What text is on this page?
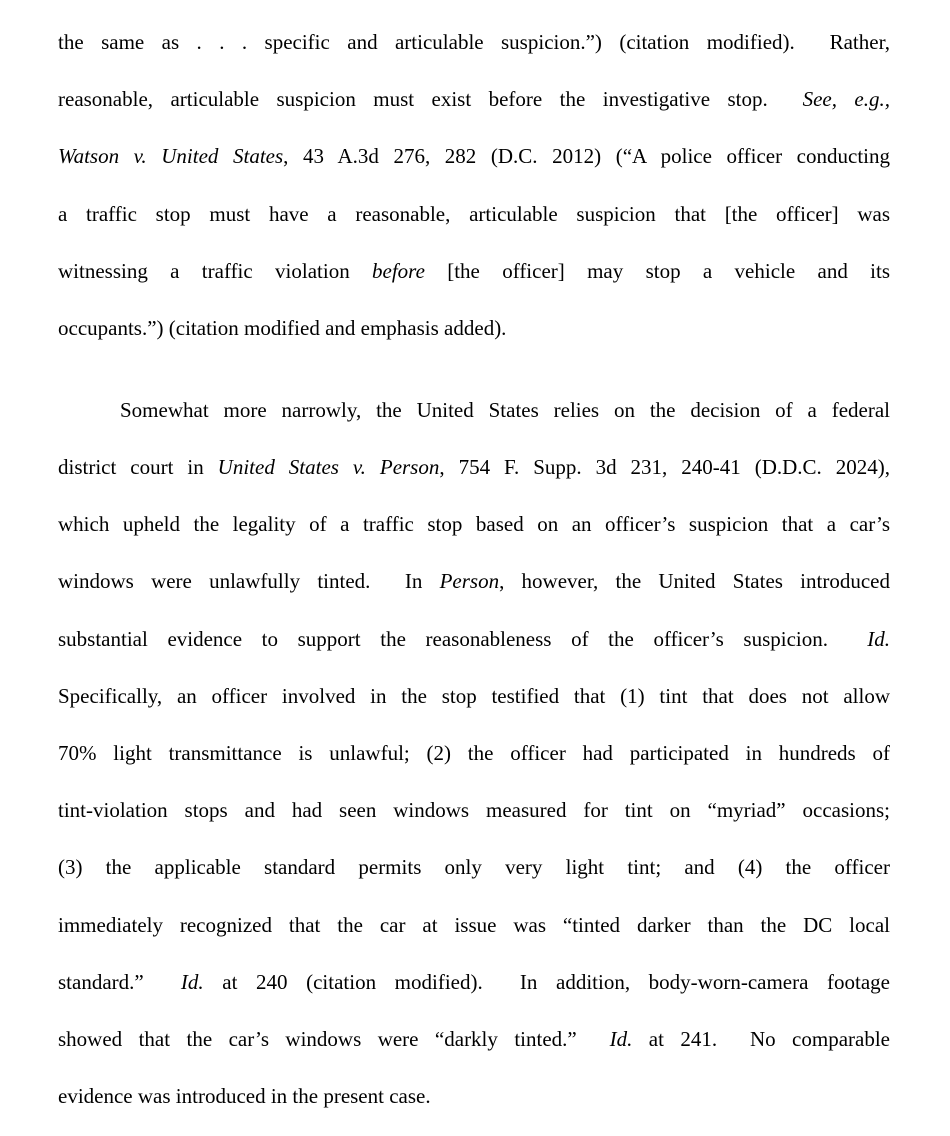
the same as . . . specific and articulable suspicion.”) (citation modified).  Rather,
reasonable, articulable suspicion must exist before the investigative stop.  See, e.g.,
Watson v. United States, 43 A.3d 276, 282 (D.C. 2012) (“A police officer conducting
a traffic stop must have a reasonable, articulable suspicion that [the officer] was
witnessing a traffic violation before [the officer] may stop a vehicle and its
occupants.”) (citation modified and emphasis added).
Somewhat more narrowly, the United States relies on the decision of a federal
district court in United States v. Person, 754 F. Supp. 3d 231, 240-41 (D.D.C. 2024),
which upheld the legality of a traffic stop based on an officer’s suspicion that a car’s
windows were unlawfully tinted.  In Person, however, the United States introduced
substantial evidence to support the reasonableness of the officer’s suspicion.  Id.
Specifically, an officer involved in the stop testified that (1) tint that does not allow
70% light transmittance is unlawful; (2) the officer had participated in hundreds of
tint-violation stops and had seen windows measured for tint on “myriad” occasions;
(3) the applicable standard permits only very light tint; and (4) the officer
immediately recognized that the car at issue was “tinted darker than the DC local
standard.”  Id. at 240 (citation modified).  In addition, body-worn-camera footage
showed that the car’s windows were “darkly tinted.”  Id. at 241.  No comparable
evidence was introduced in the present case.
